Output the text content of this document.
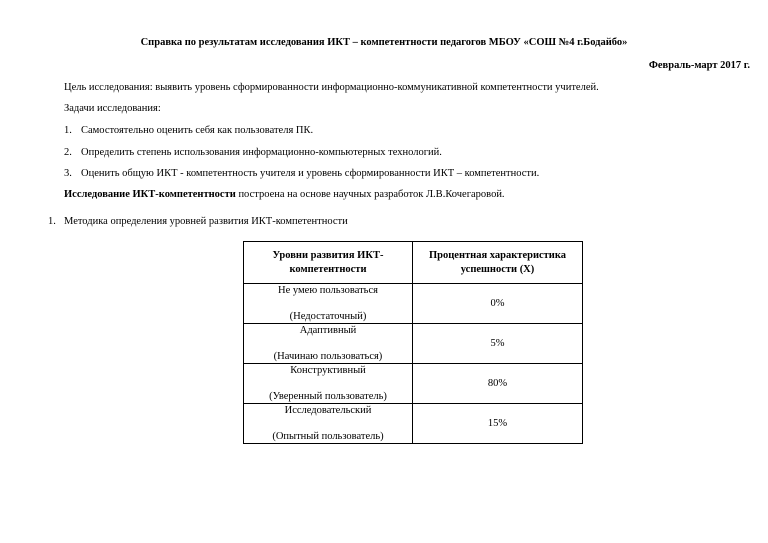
Справка по результатам исследования ИКТ – компетентности педагогов МБОУ «СОШ №4 г.Бодайбо»
Февраль-март 2017 г.
Цель исследования: выявить уровень сформированности информационно-коммуникативной компетентности учителей.
Задачи исследования:
1. Самостоятельно оценить себя как пользователя ПК.
2. Определить степень использования информационно-компьютерных технологий.
3. Оценить общую ИКТ - компетентность учителя и уровень сформированности ИКТ – компетентности.
Исследование ИКТ-компетентности построена на основе научных разработок Л.В.Кочегаровой.
1. Методика определения уровней развития ИКТ-компетентности
Уровни развития ИКТ-компетентности	Процентная характеристика успешности (Х)

Не умею пользоваться
(Недостаточный)	0%

Адаптивный
(Начинаю пользоваться)	5%

Конструктивный
(Уверенный пользователь)	80%

Исследовательский
(Опытный пользователь)	15%
